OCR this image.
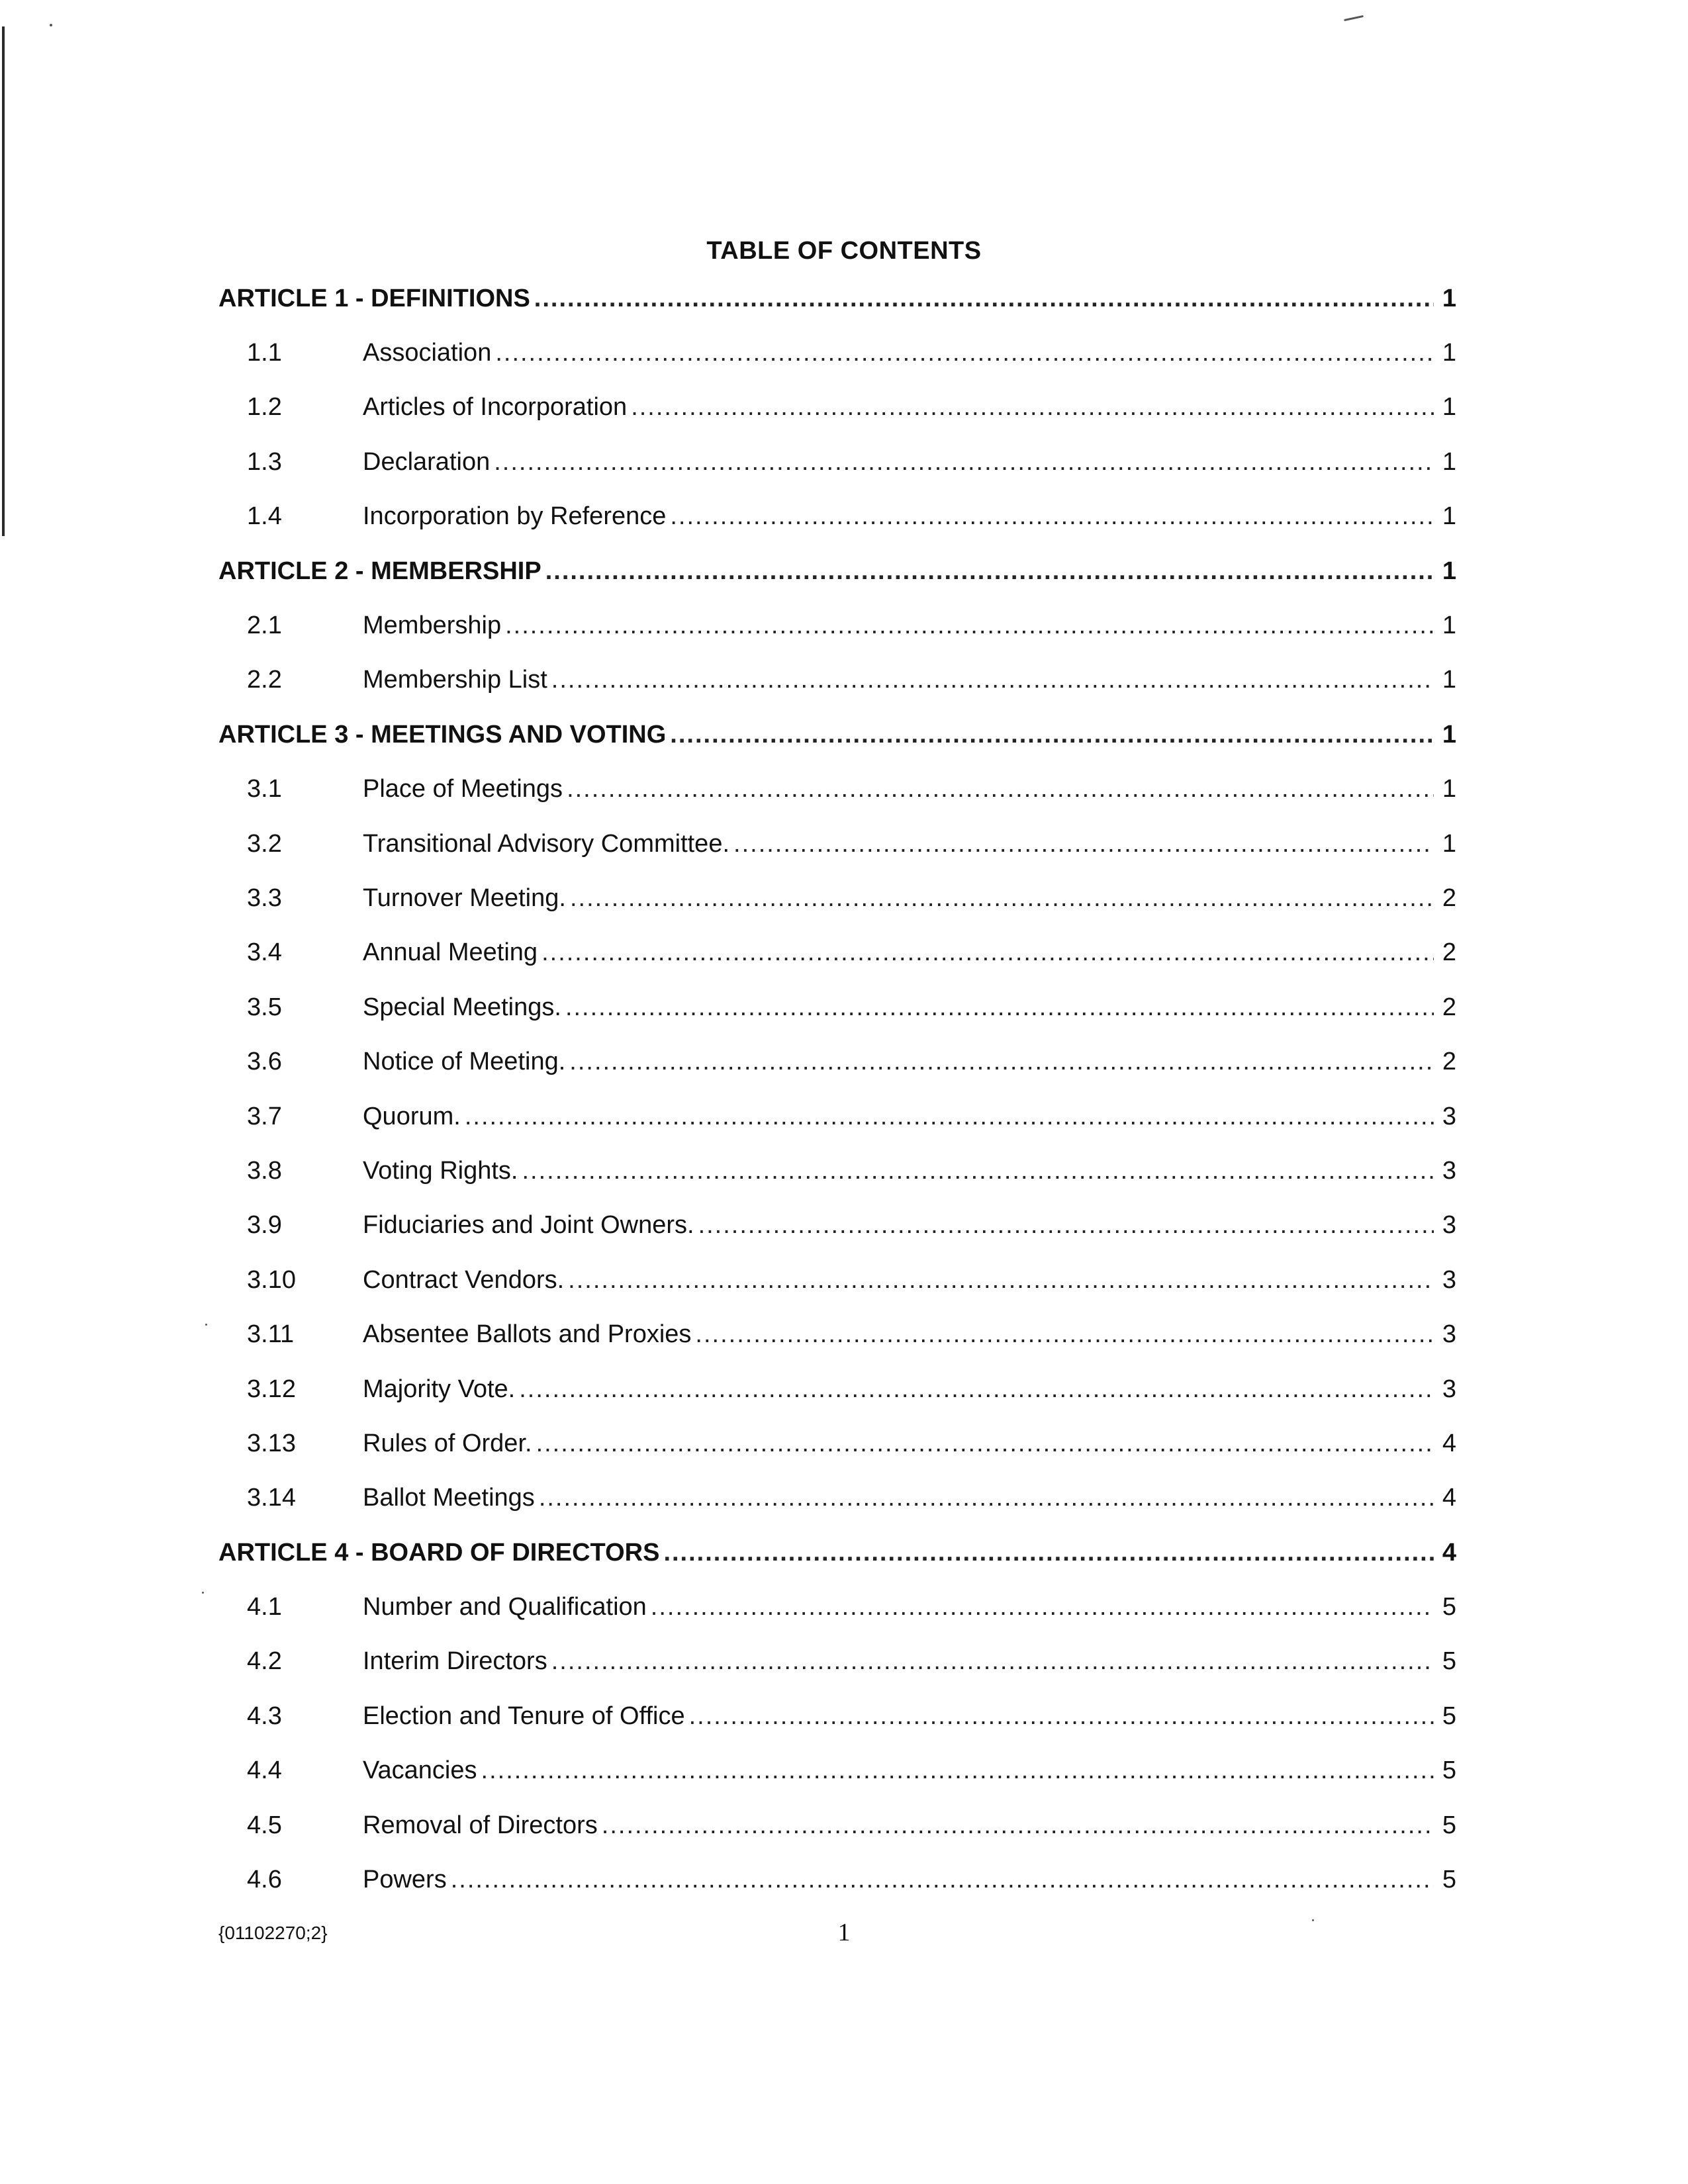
TABLE OF CONTENTS
ARTICLE 1 - DEFINITIONS .....	1
1.1	Association .....	1
1.2	Articles of Incorporation .....	1
1.3	Declaration .....	1
1.4	Incorporation by Reference .....	1
ARTICLE 2 - MEMBERSHIP .....	1
2.1	Membership .....	1
2.2	Membership List .....	1
ARTICLE 3 - MEETINGS AND VOTING .....	1
3.1	Place of Meetings .....	1
3.2	Transitional Advisory Committee. .....	1
3.3	Turnover Meeting. .....	2
3.4	Annual Meeting .....	2
3.5	Special Meetings. .....	2
3.6	Notice of Meeting. .....	2
3.7	Quorum. .....	3
3.8	Voting Rights. .....	3
3.9	Fiduciaries and Joint Owners. .....	3
3.10	Contract Vendors. .....	3
3.11	Absentee Ballots and Proxies .....	3
3.12	Majority Vote. .....	3
3.13	Rules of Order. .....	4
3.14	Ballot Meetings .....	4
ARTICLE 4 - BOARD OF DIRECTORS .....	4
4.1	Number and Qualification .....	5
4.2	Interim Directors .....	5
4.3	Election and Tenure of Office .....	5
4.4	Vacancies .....	5
4.5	Removal of Directors .....	5
4.6	Powers .....	5
{01102270;2}	1
